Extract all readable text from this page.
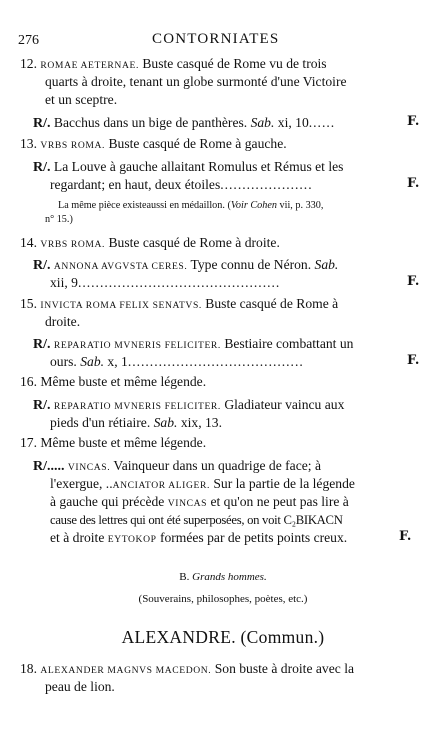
276	CONTORNIATES
12. ROMAE AETERNAE. Buste casqué de Rome vu de trois
quarts à droite, tenant un globe surmonté d'une Victoire
et un sceptre.
R/. Bacchus dans un bige de panthères. Sab. xi, 10......	F.
13. VRBS ROMA. Buste casqué de Rome à gauche.
R/. La Louve à gauche allaitant Romulus et Rémus et les
regardant; en haut, deux étoiles.....................	F.
La même pièce existeaussi en médaillon. (Voir Cohen vii, p. 330,
n° 15.)
14. VRBS ROMA. Buste casqué de Rome à droite.
R/. ANNONA AVGVSTA CERES. Type connu de Néron. Sab.
xii, 9..............................................	F.
15. INVICTA ROMA FELIX SENATVS. Buste casqué de Rome à
droite.
R/. REPARATIO MVNERIS FELICITER. Bestiaire combattant un
ours. Sab. x, 1........................................	F.
16. Même buste et même légende.
R/. REPARATIO MVNERIS FELICITER. Gladiateur vaincu aux
pieds d'un rétiaire. Sab. xix, 13.
17. Même buste et même légende.
R/..... VINCAS. Vainqueur dans un quadrige de face; à
l'exergue, ..ANCIATOR ALIGER. Sur la partie de la légende
à gauche qui précède VINCAS et qu'on ne peut pas lire à
cause des lettres qui ont été superposées, on voit C₂BIKACN
et à droite EYTOKOP formées par de petits points creux.	F.
B. Grands hommes.
(Souverains, philosophes, poètes, etc.)
ALEXANDRE. (Commun.)
18. ALEXANDER MAGNVS MACEDON. Son buste à droite avec la
peau de lion.
